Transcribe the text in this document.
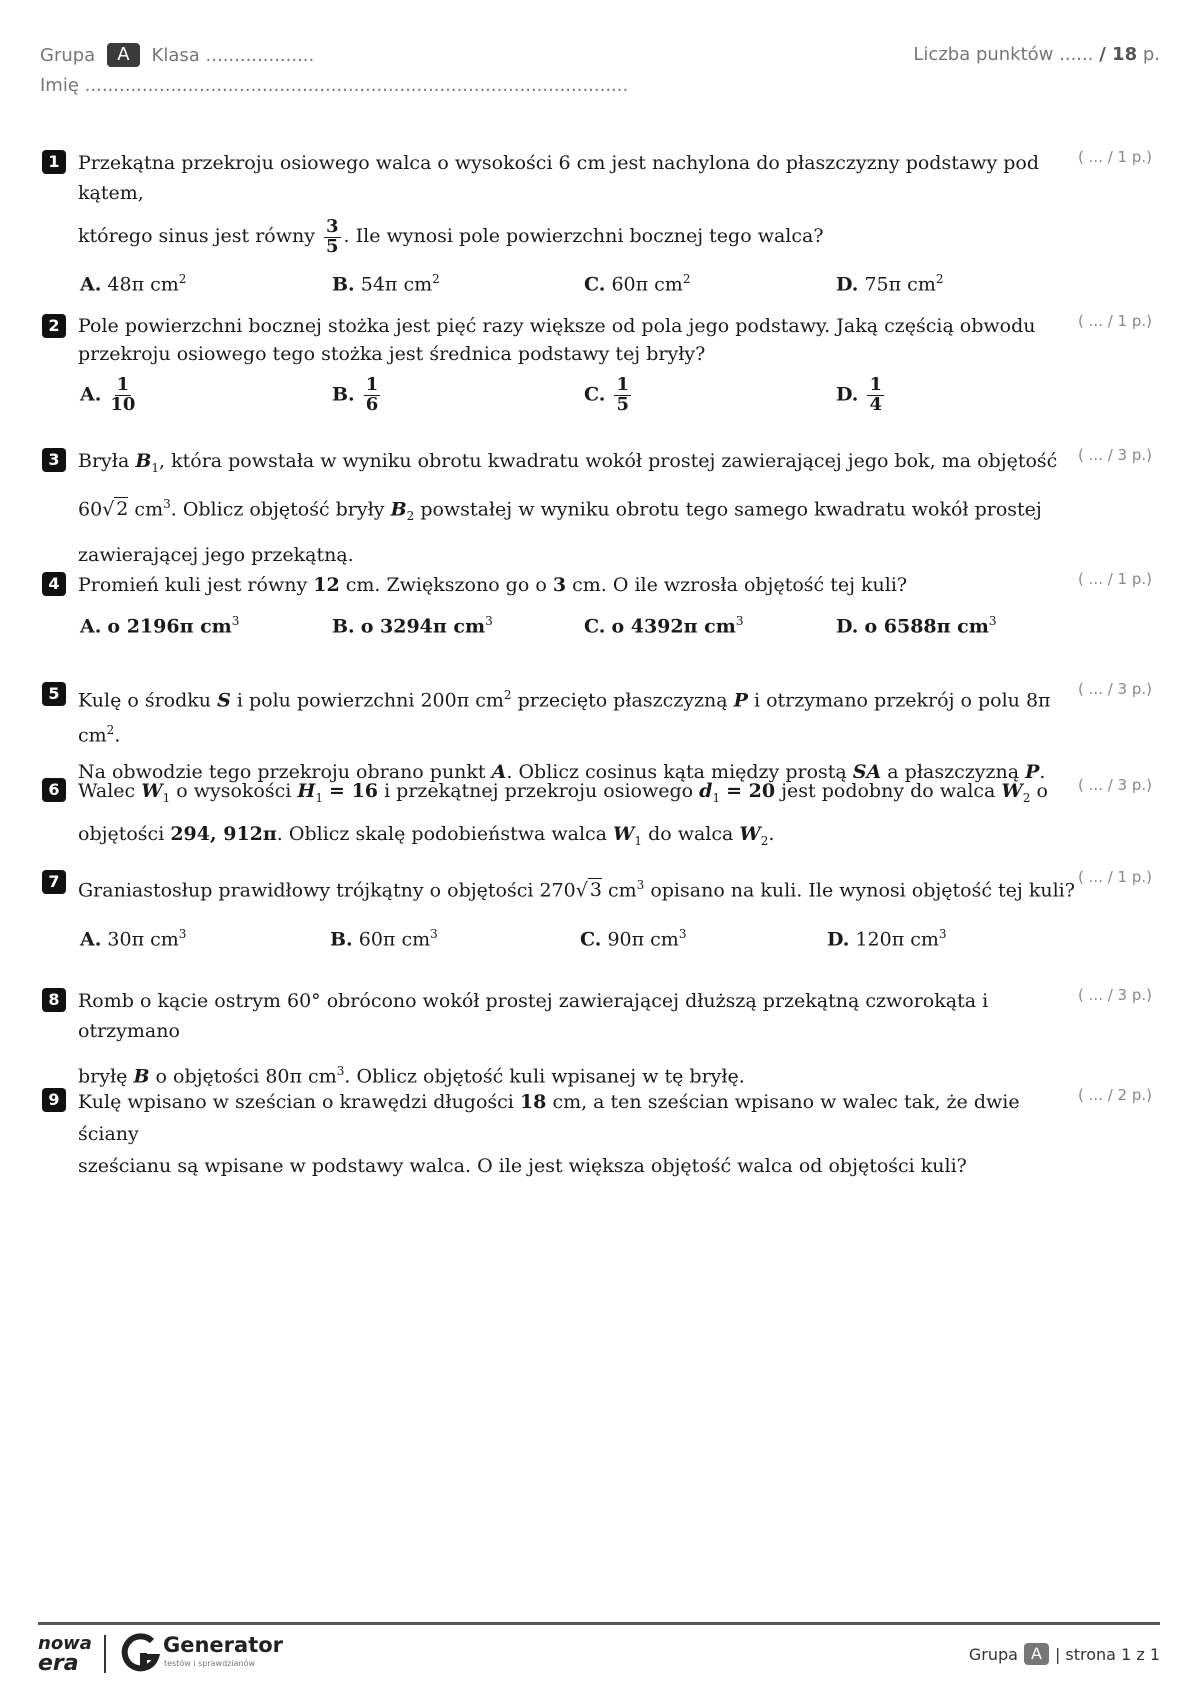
Grupa	A	Klasa
...................
Imię
...............................................................................................
Liczba punktów ...... / 18 p.
1	( ... / 1 p.)
Przekątna przekroju osiowego walca o wysokości 6 cm jest nachylona do płaszczyzny podstawy pod kątem,
którego sinus jest równy $\frac{3}{5}$ . Ile wynosi pole powierzchni bocznej tego walca?
A. 48π $cm^2$	B. 54π $cm^2$	C. 60π $cm^2$	D. 75π $cm^2$
2	( ... / 1 p.)
Pole powierzchni bocznej stożka jest pięć razy większe od pola jego podstawy. Jaką częścią obwodu
przekroju osiowego tego stożka jest średnica podstawy tej bryły?
A. $\frac{1}{10}$	B. $\frac{1}{6}$	C. $\frac{1}{5}$	D. $\frac{1}{4}$
3	( ... / 3 p.)
Bryła $B_1$, która powstała w wyniku obrotu kwadratu wokół prostej zawierającej jego bok, ma objętość
60√ 2 $cm^3$. Oblicz objętość bryły $B_2$ powstałej w wyniku obrotu tego samego kwadratu wokół prostej
zawierającej jego przekątną.
4	( ... / 1 p.)
Promień kuli jest równy 12 cm. Zwiększono go o 3 cm. O ile wzrosła objętość tej kuli?
A. o 2196π $cm^3$	B. o 3294π $cm^3$	C. o 4392π $cm^3$	D. o 6588π $cm^3$
5	( ... / 3 p.)
Kulę o środku S i polu powierzchni 200π $cm^2$ przecięto płaszczyzną P i otrzymano przekrój o polu 8π $cm^2$.
Na obwodzie tego przekroju obrano punkt A. Oblicz cosinus kąta między prostą SA a płaszczyzną P.
6	( ... / 3 p.)
Walec $W_1$ o wysokości $H_1 = 16$ i przekątnej przekroju osiowego $d_1 = 20$ jest podobny do walca $W_2$ o
objętości 294, 912π. Oblicz skalę podobieństwa walca $W_1$ do walca $W_2$.
7	( ... / 1 p.)
Graniastosłup prawidłowy trójkątny o objętości 270√ 3 $cm^3$ opisano na kuli. Ile wynosi objętość tej kuli?
A. 30π $cm^3$	B. 60π $cm^3$	C. 90π $cm^3$	D. 120π $cm^3$
8	( ... / 3 p.)
Romb o kącie ostrym 60° obrócono wokół prostej zawierającej dłuższą przekątną czworokąta i otrzymano
bryłę B o objętości 80π $cm^3$. Oblicz objętość kuli wpisanej w tę bryłę.
9	( ... / 2 p.)
Kulę wpisano w sześcian o krawędzi długości 18 cm, a ten sześcian wpisano w walec tak, że dwie ściany
sześcianu są wpisane w podstawy walca. O ile jest większa objętość walca od objętości kuli?
nowa
era
Generator
testów i sprawdzianów	Grupa A | strona 1 z 1
